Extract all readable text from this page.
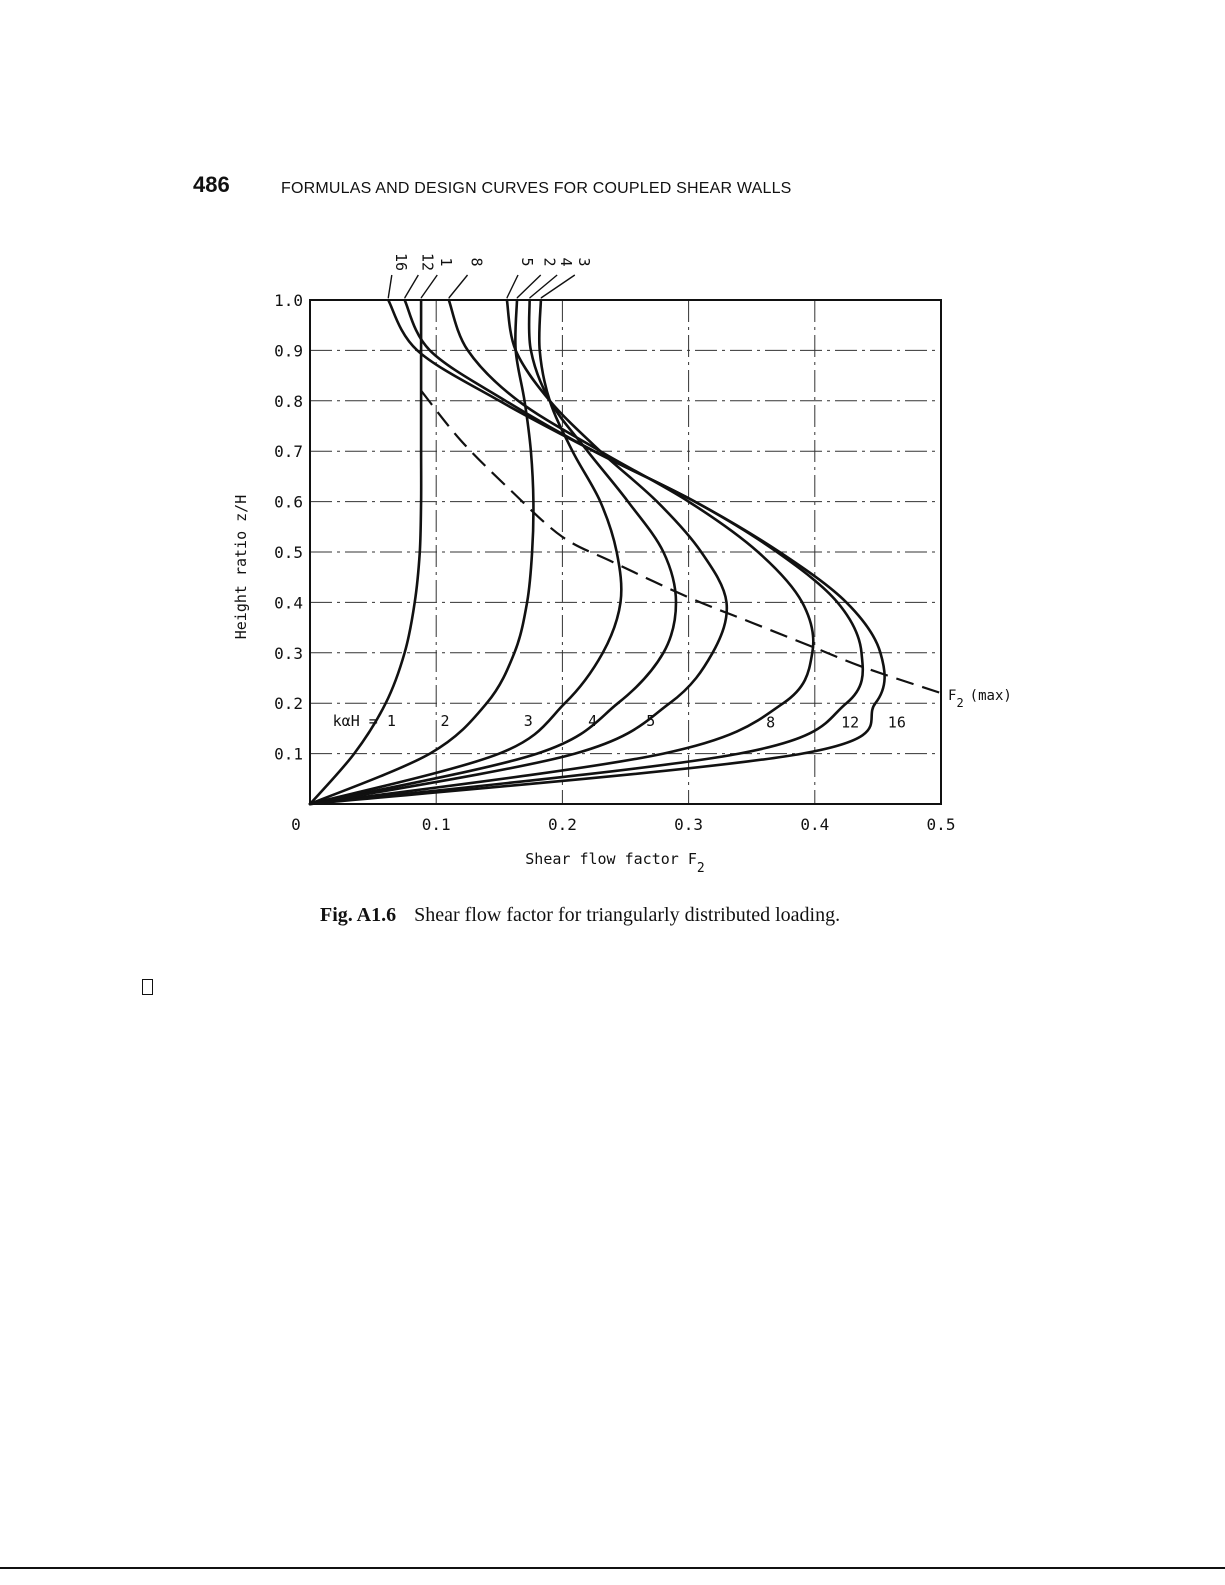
486	FORMULAS AND DESIGN CURVES FOR COUPLED SHEAR WALLS
0.1
0.2
0.3
0.4
0.5
0.6
0.7
0.8
0.9
1.0
0	0.1	0.2	0.3	0.4	0.5
kαH = 1
1
2
2
3
3
4
4
5
5
8
8
12
12
16
16
Height ratio z/H
Shear flow factor F2
F2 (max)
Fig. A1.6 Shear flow factor for triangularly distributed loading.
